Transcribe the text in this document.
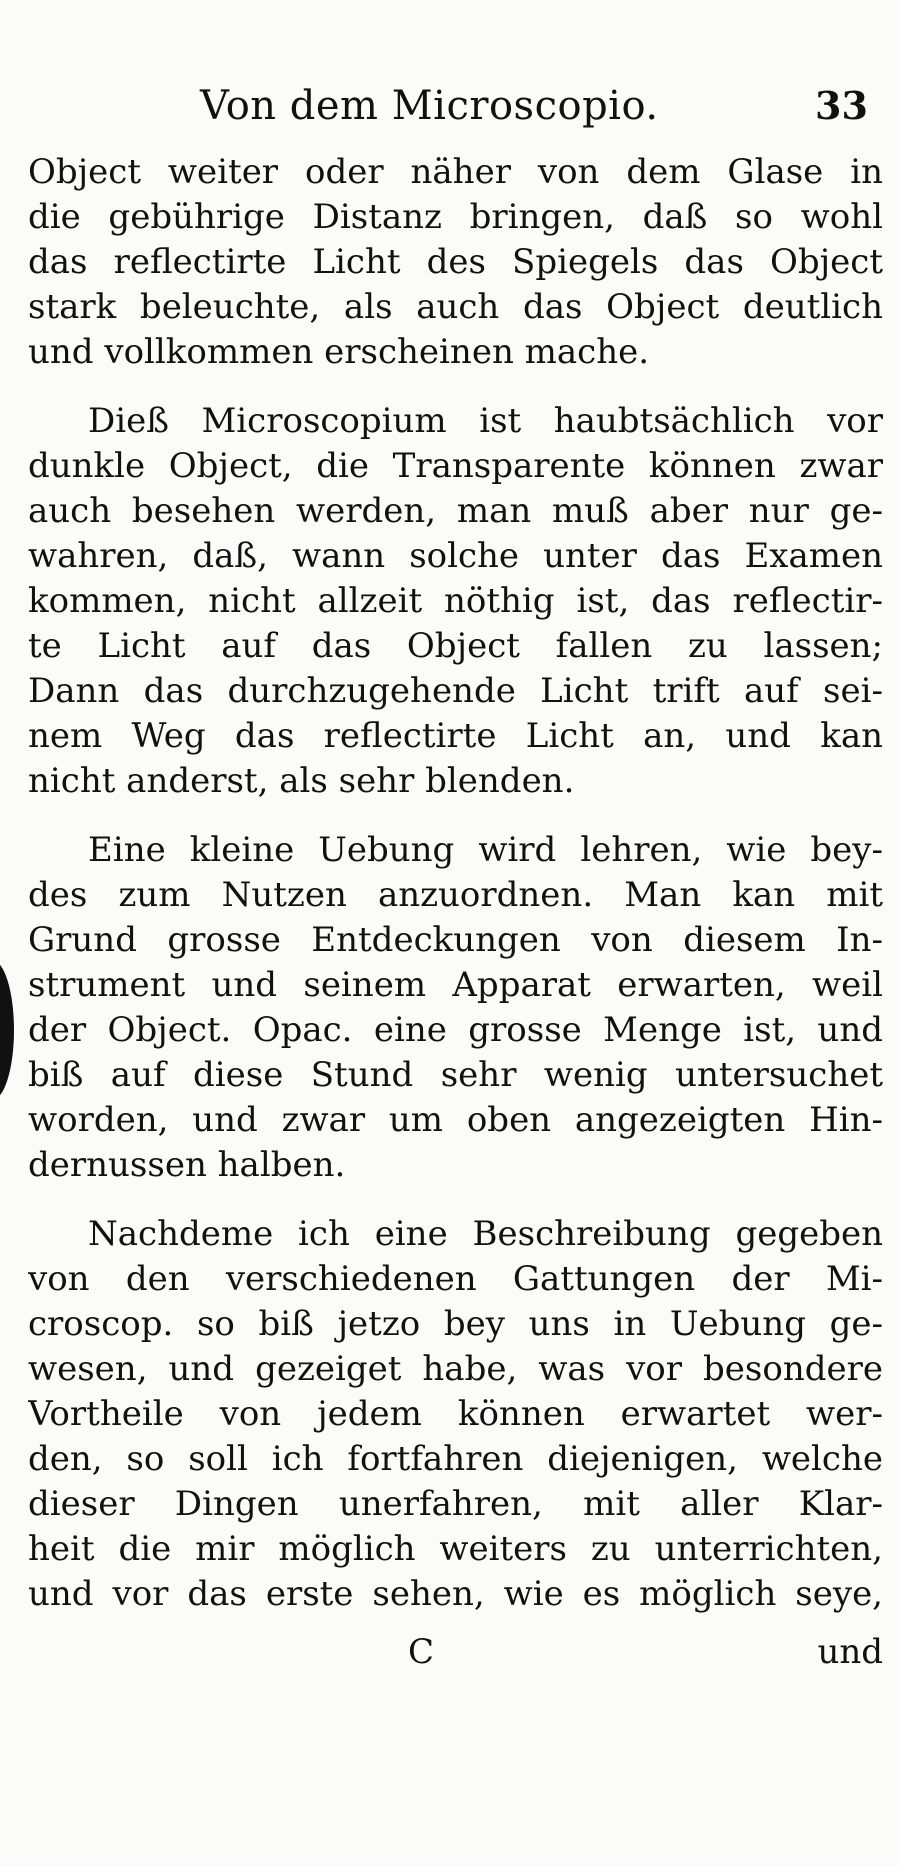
Von dem Microscopio.	33
Object weiter oder näher von dem Glase in
die gebührige Distanz bringen, daß so wohl
das reflectirte Licht des Spiegels das Object
stark beleuchte, als auch das Object deutlich
und vollkommen erscheinen mache.
Dieß Microscopium ist haubtsächlich vor
dunkle Object, die Transparente können zwar
auch besehen werden, man muß aber nur ge-
wahren, daß, wann solche unter das Examen
kommen, nicht allzeit nöthig ist, das reflectir-
te Licht auf das Object fallen zu lassen;
Dann das durchzugehende Licht trift auf sei-
nem Weg das reflectirte Licht an, und kan
nicht anderst, als sehr blenden.
Eine kleine Uebung wird lehren, wie bey-
des zum Nutzen anzuordnen. Man kan mit
Grund grosse Entdeckungen von diesem In-
strument und seinem Apparat erwarten, weil
der Object. Opac. eine grosse Menge ist, und
biß auf diese Stund sehr wenig untersuchet
worden, und zwar um oben angezeigten Hin-
dernussen halben.
Nachdeme ich eine Beschreibung gegeben
von den verschiedenen Gattungen der Mi-
croscop. so biß jetzo bey uns in Uebung ge-
wesen, und gezeiget habe, was vor besondere
Vortheile von jedem können erwartet wer-
den, so soll ich fortfahren diejenigen, welche
dieser Dingen unerfahren, mit aller Klar-
heit die mir möglich weiters zu unterrichten,
und vor das erste sehen, wie es möglich seye,
C	und
